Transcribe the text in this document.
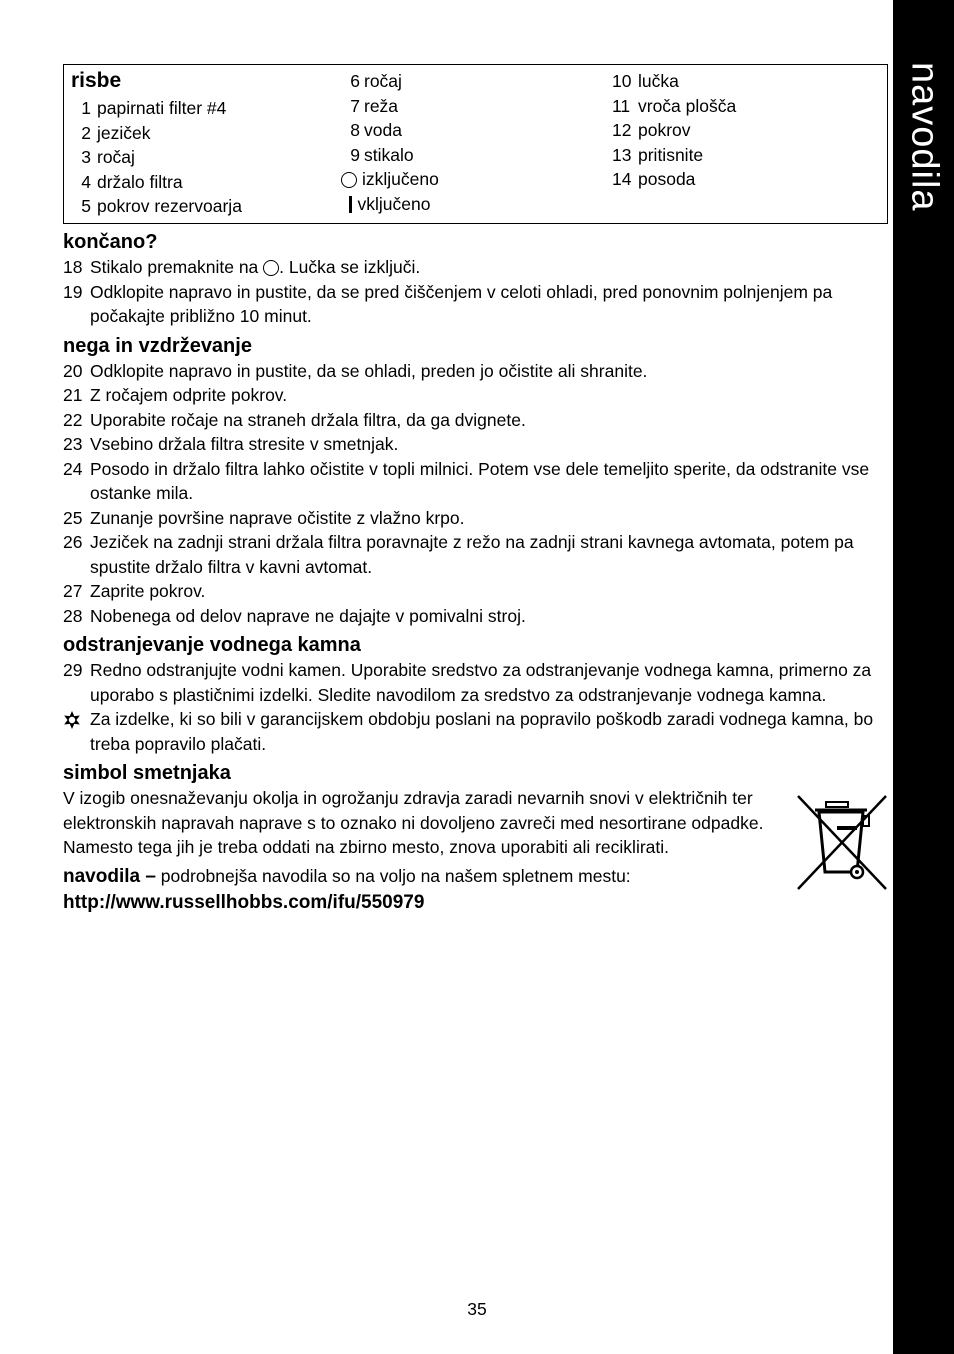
navodila
risbe
1 papirnati filter #4
2 jeziček
3 ročaj
4 držalo filtra
5 pokrov rezervoarja
6 ročaj
7 reža
8 voda
9 stikalo
izključeno
vključeno
10 lučka
11 vroča plošča
12 pokrov
13 pritisnite
14 posoda
končano?
18 Stikalo premaknite na . Lučka se izključi.
19 Odklopite napravo in pustite, da se pred čiščenjem v celoti ohladi, pred ponovnim polnjenjem pa počakajte približno 10 minut.
nega in vzdrževanje
20 Odklopite napravo in pustite, da se ohladi, preden jo očistite ali shranite.
21 Z ročajem odprite pokrov.
22 Uporabite ročaje na straneh držala filtra, da ga dvignete.
23 Vsebino držala filtra stresite v smetnjak.
24 Posodo in držalo filtra lahko očistite v topli milnici. Potem vse dele temeljito sperite, da odstranite vse ostanke mila.
25 Zunanje površine naprave očistite z vlažno krpo.
26 Jeziček na zadnji strani držala filtra poravnajte z režo na zadnji strani kavnega avtomata, potem pa spustite držalo filtra v kavni avtomat.
27 Zaprite pokrov.
28 Nobenega od delov naprave ne dajajte v pomivalni stroj.
odstranjevanje vodnega kamna
29 Redno odstranjujte vodni kamen. Uporabite sredstvo za odstranjevanje vodnega kamna, primerno za uporabo s plastičnimi izdelki. Sledite navodilom za sredstvo za odstranjevanje vodnega kamna.
Za izdelke, ki so bili v garancijskem obdobju poslani na popravilo poškodb zaradi vodnega kamna, bo treba popravilo plačati.
simbol smetnjaka
V izogib onesnaževanju okolja in ogrožanju zdravja zaradi nevarnih snovi v električnih ter elektronskih napravah naprave s to oznako ni dovoljeno zavreči med nesortirane odpadke. Namesto tega jih je treba oddati na zbirno mesto, znova uporabiti ali reciklirati.
navodila – podrobnejša navodila so na voljo na našem spletnem mestu:
http://www.russellhobbs.com/ifu/550979
35
